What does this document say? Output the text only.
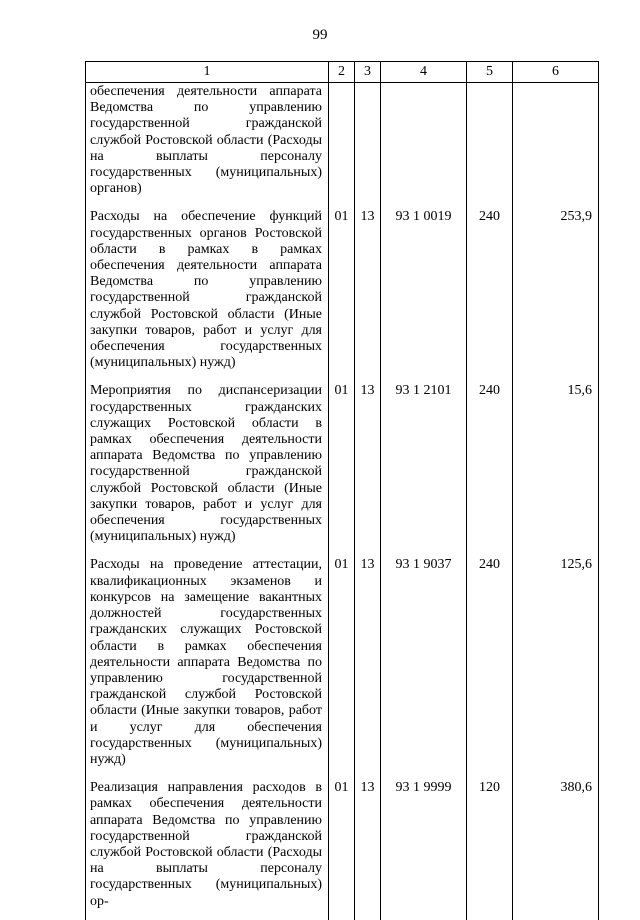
99
1	2	3	4	5	6
обеспечения деятельности аппарата Ведомства по управлению государственной гражданской службой Ростовской области (Расходы на выплаты персоналу государственных (муниципальных) органов)					
Расходы на обеспечение функций государственных органов Ростовской области в рамках в рамках обеспечения деятельности аппарата Ведомства по управлению государственной гражданской службой Ростовской области (Иные закупки товаров, работ и услуг для обеспечения государственных (муниципальных) нужд)	01	13	93 1 0019	240	253,9
Мероприятия по диспансеризации государственных гражданских служащих Ростовской области в рамках обеспечения деятельности аппарата Ведомства по управлению государственной гражданской службой Ростовской области (Иные закупки товаров, работ и услуг для обеспечения государственных (муниципальных) нужд)	01	13	93 1 2101	240	15,6
Расходы на проведение аттестации, квалификационных экзаменов и конкурсов на замещение вакантных должностей государственных гражданских служащих Ростовской области в рамках обеспечения деятельности аппарата Ведомства по управлению государственной гражданской службой Ростовской области (Иные закупки товаров, работ и услуг для обеспечения государственных (муниципальных) нужд)	01	13	93 1 9037	240	125,6
Реализация направления расходов в рамках обеспечения деятельности аппарата Ведомства по управлению государственной гражданской службой Ростовской области (Расходы на выплаты персоналу государственных (муниципальных) ор-	01	13	93 1 9999	120	380,6
